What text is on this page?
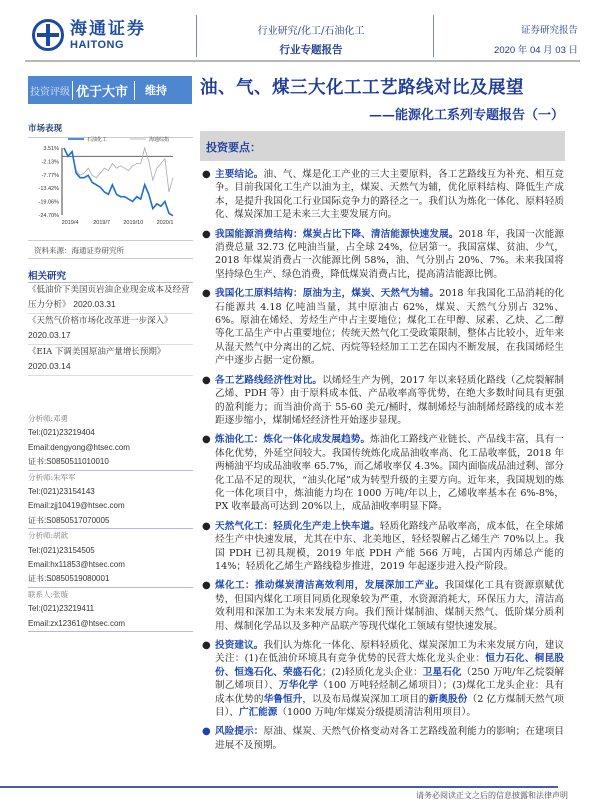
海通证券
HAITONG
行业研究/化工/石油化工
行业专题报告
证券研究报告
2020 年 04 月 03 日
投资评级 优于大市	维持 油、气、煤三大化工工艺路线对比及展望
——能源化工系列专题报告（一）
市场表现
3.51%
-2.13%
-7.77%
-13.42%
-19.06%
-24.70%
2019/4	2019/7 2019/10 2020/1
石油化工	海通综指
资料来源：海通证券研究所
相关研究
《低油价下美国页岩油企业现金成本及经营压力分析》 2020.03.31
《天然气价格市场化改革进一步深入》 2020.03.17
《EIA 下调美国原油产量增长预期》 2020.03.14
分析师:邓勇
Tel:(021)23219404
Email:dengyong@htsec.com
证书:S0850511010010
分析师:朱军军
Tel:(021)23154143
Email:zjj10419@htsec.com
证书:S0850517070005
分析师:胡歆
Tel:(021)23154505
Email:hx11853@htsec.com
证书:S0850519080001
联系人:张璇
Tel:(021)23219411
Email:zx12361@htsec.com
投资要点：
● 主要结论。油、气、煤是化工产业的三大主要原料，各工艺路线互为补充、相互竞争。目前我国化工生产以油为主，煤炭、天然气为辅，优化原料结构、降低生产成本，是提升我国化工行业国际竞争力的路径之一。我们认为炼化一体化、原料轻质化、煤炭深加工是未来三大主要发展方向。
● 我国能源消费结构：煤炭占比下降、清洁能源快速发展。2018 年，我国一次能源消费总量 32.73 亿吨油当量，占全球 24%，位居第一。我国富煤、贫油、少气，2018 年煤炭消费占一次能源比例 58%，油、气分别占 20%、7%。未来我国将坚持绿色生产、绿色消费，降低煤炭消费占比，提高清洁能源比例。
● 我国化工原料结构：原油为主，煤炭、天然气为辅。2018 年我国化工品消耗的化石能源共 4.18 亿吨油当量，其中原油占 62%，煤炭、天然气分别占 32%、6%。原油在烯烃、芳烃生产中占主要地位；煤化工在甲醇、尿素、乙炔、乙二醇等化工品生产中占重要地位；传统天然气化工受政策限制，整体占比较小，近年来从湿天然气中分离出的乙烷、丙烷等轻烃加工工艺在国内不断发展，在我国烯烃生产中逐步占据一定份额。
● 各工艺路线经济性对比。以烯烃生产为例，2017 年以来轻质化路线（乙烷裂解制乙烯、PDH 等）由于原料成本低、产品收率高等优势，在绝大多数时间具有更强的盈利能力；而当油价高于 55-60 美元/桶时，煤制烯烃与油制烯烃路线的成本差距逐步缩小，煤制烯烃经济性开始逐步显现。
● 炼油化工：炼化一体化成发展趋势。炼油化工路线产业链长、产品线丰富，具有一体化优势，外延空间较大。我国传统炼化成品油收率高、化工品收率低，2018 年两桶油平均成品油收率 65.7%，而乙烯收率仅 4.3%。国内面临成品油过剩、部分化工品不足的现状，“油头化尾”成为转型升级的主要方向。近年来，我国规划的炼化一体化项目中，炼油能力均在 1000 万吨/年以上，乙烯收率基本在 6%-8%，PX 收率最高可达到 20%以上，成品油收率明显下降。
● 天然气化工：轻质化生产走上快车道。轻质化路线产品收率高，成本低，在全球烯烃生产中快速发展，尤其在中东、北美地区，轻烃裂解占乙烯生产 70%以上。我国 PDH 已初具规模，2019 年底 PDH 产能 566 万吨，占国内丙烯总产能的 14%；轻质化乙烯生产路线稳步推进，2019 年起逐步进入投产阶段。
● 煤化工：推动煤炭清洁高效利用，发展深加工产业。我国煤化工具有资源禀赋优势，但国内煤化工项目同质化现象较为严重，水资源消耗大，环保压力大，清洁高效利用和深加工为未来发展方向。我们预计煤制油、煤制天然气、低阶煤分质利用、煤制化学品以及多种产品联产等现代煤化工领域有望快速发展。
● 投资建议。我们认为炼化一体化、原料轻质化、煤炭深加工为未来发展方向，建议关注：(1)在低油价环境具有竞争优势的民营大炼化龙头企业：恒力石化、桐昆股份、恒逸石化、荣盛石化；(2)轻质化龙头企业：卫星石化（250 万吨/年乙烷裂解制乙烯项目）、万华化学（100 万吨轻烃制乙烯项目）；(3)煤化工龙头企业：具有成本优势的华鲁恒升，以及布局煤炭深加工项目的新奥股份（2 亿方煤制天然气项目）、广汇能源（1000 万吨/年煤炭分级提质清洁利用项目）。
● 风险提示：原油、煤炭、天然气价格变动对各工艺路线盈利能力的影响；在建项目进展不及预期。
请务必阅读正文之后的信息披露和法律声明
